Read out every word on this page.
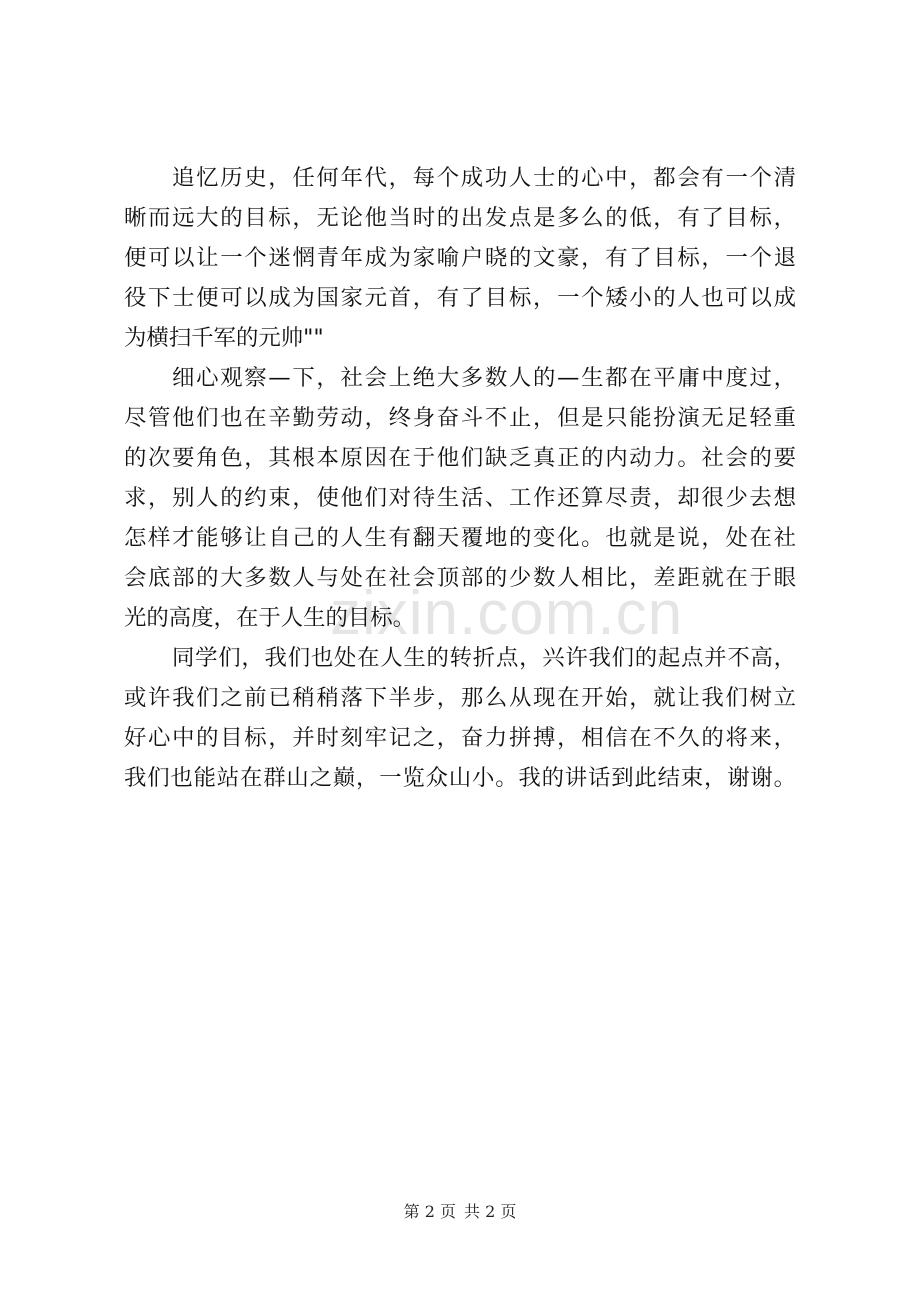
zixin.com.cn
追忆历史，任何年代，每个成功人士的心中，都会有一个清
晰而远大的目标，无论他当时的出发点是多么的低，有了目标，
便可以让一个迷惘青年成为家喻户晓的文豪，有了目标，一个退
役下士便可以成为国家元首，有了目标，一个矮小的人也可以成
为横扫千军的元帅""
细心观察—下，社会上绝大多数人的—生都在平庸中度过，
尽管他们也在辛勤劳动，终身奋斗不止，但是只能扮演无足轻重
的次要角色，其根本原因在于他们缺乏真正的内动力。社会的要
求，别人的约束，使他们对待生活、工作还算尽责，却很少去想
怎样才能够让自己的人生有翻天覆地的变化。也就是说，处在社
会底部的大多数人与处在社会顶部的少数人相比，差距就在于眼
光的高度，在于人生的目标。
同学们，我们也处在人生的转折点，兴许我们的起点并不高，
或许我们之前已稍稍落下半步，那么从现在开始，就让我们树立
好心中的目标，并时刻牢记之，奋力拼搏，相信在不久的将来，
我们也能站在群山之巅，一览众山小。我的讲话到此结束，谢谢。
第 2 页 共 2 页
